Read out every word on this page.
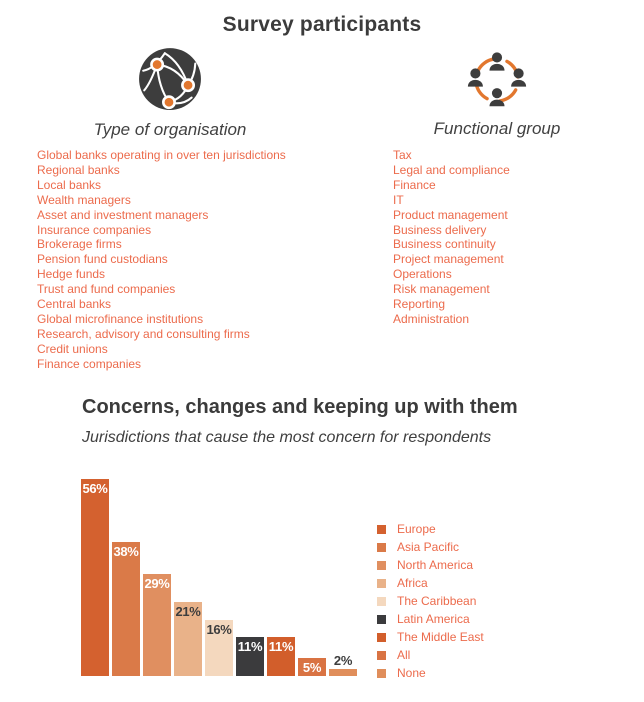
Survey participants
Type of organisation	Functional group
Global banks operating in over ten jurisdictions
Regional banks
Local banks
Wealth managers
Asset and investment managers
Insurance companies
Brokerage firms
Pension fund custodians
Hedge funds
Trust and fund companies
Central banks
Global microfinance institutions
Research, advisory and consulting firms
Credit unions
Finance companies
Tax
Legal and compliance
Finance
IT
Product management
Business delivery
Business continuity
Project management
Operations
Risk management
Reporting
Administration
Concerns, changes and keeping up with them
Jurisdictions that cause the most concern for respondents
56%
38%
29%
21%
16%
11% 11%
5% 2%
Europe
Asia Pacific
North America
Africa
The Caribbean
Latin America
The Middle East
All
None
